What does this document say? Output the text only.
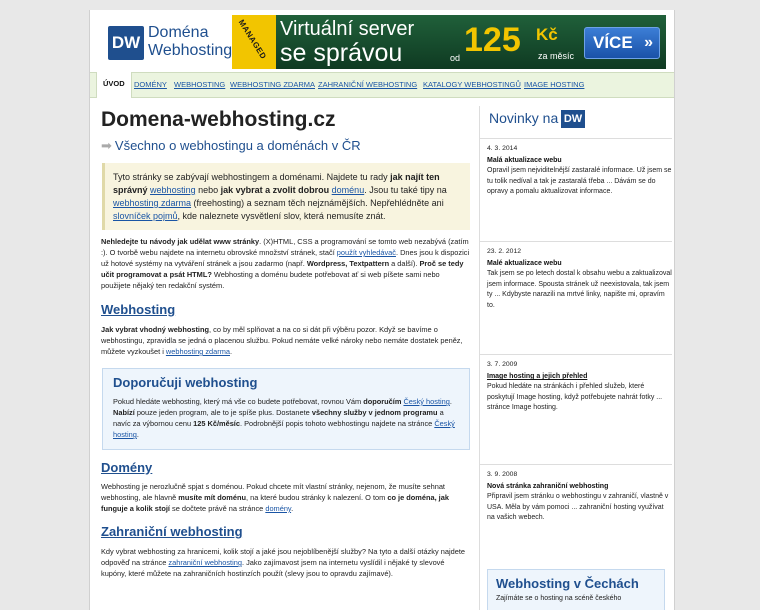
DW
Doména
Webhosting MANAGED Virtuální server
se správou	od 125 Kč
za měsíc
VÍCE »
ÚVOD	DOMÉNY WEBHOSTING WEBHOSTING ZDARMA ZAHRANIČNÍ WEBHOSTING KATALOGY WEBHOSTINGŮ IMAGE HOSTING
Domena-webhosting.cz
➡ Všechno o webhostingu a doménách v ČR
Tyto stránky se zabývají webhostingem a doménami. Najdete tu rady jak najít ten správný webhosting nebo jak vybrat a zvolit dobrou doménu. Jsou tu také tipy na webhosting zdarma (freehosting) a seznam těch nejznámějších. Nepřehlédněte ani slovníček pojmů, kde naleznete vysvětlení slov, která nemusíte znát.
Nehledejte tu návody jak udělat www stránky. (X)HTML, CSS a programování se tomto web nezabývá (zatím :). O tvorbě webu najdete na internetu obrovské množství stránek, stačí použít vyhledávač. Dnes jsou k dispozici už hotové systémy na vytváření stránek a jsou zadarmo (např. Wordpress, Textpattern a další). Proč se tedy učit programovat a psát HTML? Webhosting a doménu budete potřebovat ať si web píšete sami nebo použijete nějaký ten redakční systém.
Webhosting
Jak vybrat vhodný webhosting, co by měl splňovat a na co si dát při výběru pozor. Když se bavíme o webhostingu, zpravidla se jedná o placenou službu. Pokud nemáte velké nároky nebo nemáte dostatek peněz, můžete vyzkoušet i webhosting zdarma.
Doporučuji webhosting
Pokud hledáte webhosting, který má vše co budete potřebovat, rovnou Vám doporučím Český hosting. Nabízí pouze jeden program, ale to je spíše plus. Dostanete všechny služby v jednom programu a navíc za výbornou cenu 125 Kč/měsíc. Podrobnější popis tohoto webhostingu najdete na stránce Český hosting.
Domény
Webhosting je nerozlučně spjat s doménou. Pokud chcete mít vlastní stránky, nejenom, že musíte sehnat webhosting, ale hlavně musíte mít doménu, na které budou stránky k nalezení. O tom co je doména, jak funguje a kolik stojí se dočtete právě na stránce domény.
Zahraniční webhosting
Kdy vybrat webhosting za hranicemi, kolik stojí a jaké jsou nejoblíbenější služby? Na tyto a další otázky najdete odpověď na stránce zahraniční webhosting. Jako zajímavost jsem na internetu vyslídil i nějaké ty slevové kupóny, které můžete na zahraničních hostinzích použít (slevy jsou to opravdu zajímavé).
Novinky na DW
4. 3. 2014
Malá aktualizace webu
Opravil jsem nejviditelnější zastaralé informace. Už jsem se tu tolik nedíval a tak je zastaralá třeba ... Dávám se do opravy a pomalu aktualizovat informace.
23. 2. 2012
Malé aktualizace webu
Tak jsem se po letech dostal k obsahu webu a zaktualizoval jsem informace. Spousta stránek už neexistovala, tak jsem ty ... Kdybyste narazili na mrtvé linky, napište mi, opravím to.
3. 7. 2009
Image hosting a jejich přehled
Pokud hledáte na stránkách i přehled služeb, které poskytují Image hosting, když potřebujete nahrát fotky ... stránce Image hosting.
3. 9. 2008
Nová stránka zahraniční webhosting
Připravil jsem stránku o webhostingu v zahraničí, vlastně v USA. Měla by vám pomoci ... zahraniční hosting využívat na vašich webech.
Webhosting v Čechách
Zajímáte se o hosting na scéně českého
